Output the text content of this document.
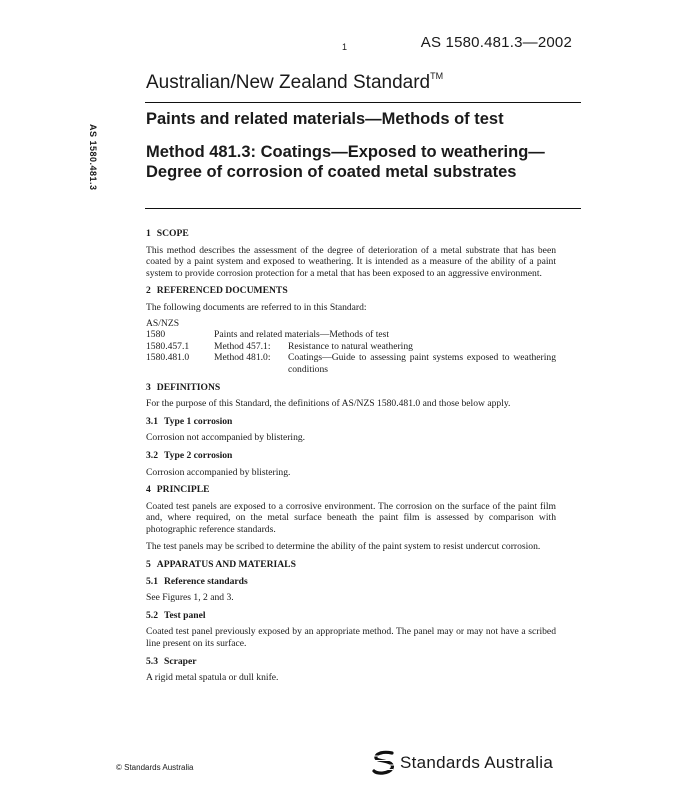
1	AS 1580.481.3—2002
AS 1580.481.3
Australian/New Zealand Standard™
Paints and related materials—Methods of test
Method 481.3: Coatings—Exposed to weathering—Degree of corrosion of coated metal substrates
1 SCOPE

This method describes the assessment of the degree of deterioration of a metal substrate that has been coated by a paint system and exposed to weathering. It is intended as a measure of the ability of a paint system to provide corrosion protection for a metal that has been exposed to an aggressive environment.

2 REFERENCED DOCUMENTS

The following documents are referred to in this Standard:

AS/NZS
1580	Paints and related materials—Methods of test	
1580.457.1	Method 457.1:	Resistance to natural weathering
1580.481.0	Method 481.0:	Coatings—Guide to assessing paint systems exposed to weathering conditions
3 DEFINITIONS

For the purpose of this Standard, the definitions of AS/NZS 1580.481.0 and those below apply.

3.1 Type 1 corrosion

Corrosion not accompanied by blistering.

3.2 Type 2 corrosion

Corrosion accompanied by blistering.

4 PRINCIPLE

Coated test panels are exposed to a corrosive environment. The corrosion on the surface of the paint film and, where required, on the metal surface beneath the paint film is assessed by comparison with photographic reference standards.

The test panels may be scribed to determine the ability of the paint system to resist undercut corrosion.

5 APPARATUS AND MATERIALS
5.1 Reference standards

See Figures 1, 2 and 3.

5.2 Test panel

Coated test panel previously exposed by an appropriate method. The panel may or may not have a scribed line present on its surface.

5.3 Scraper

A rigid metal spatula or dull knife.

© Standards Australia	Standards Australia
